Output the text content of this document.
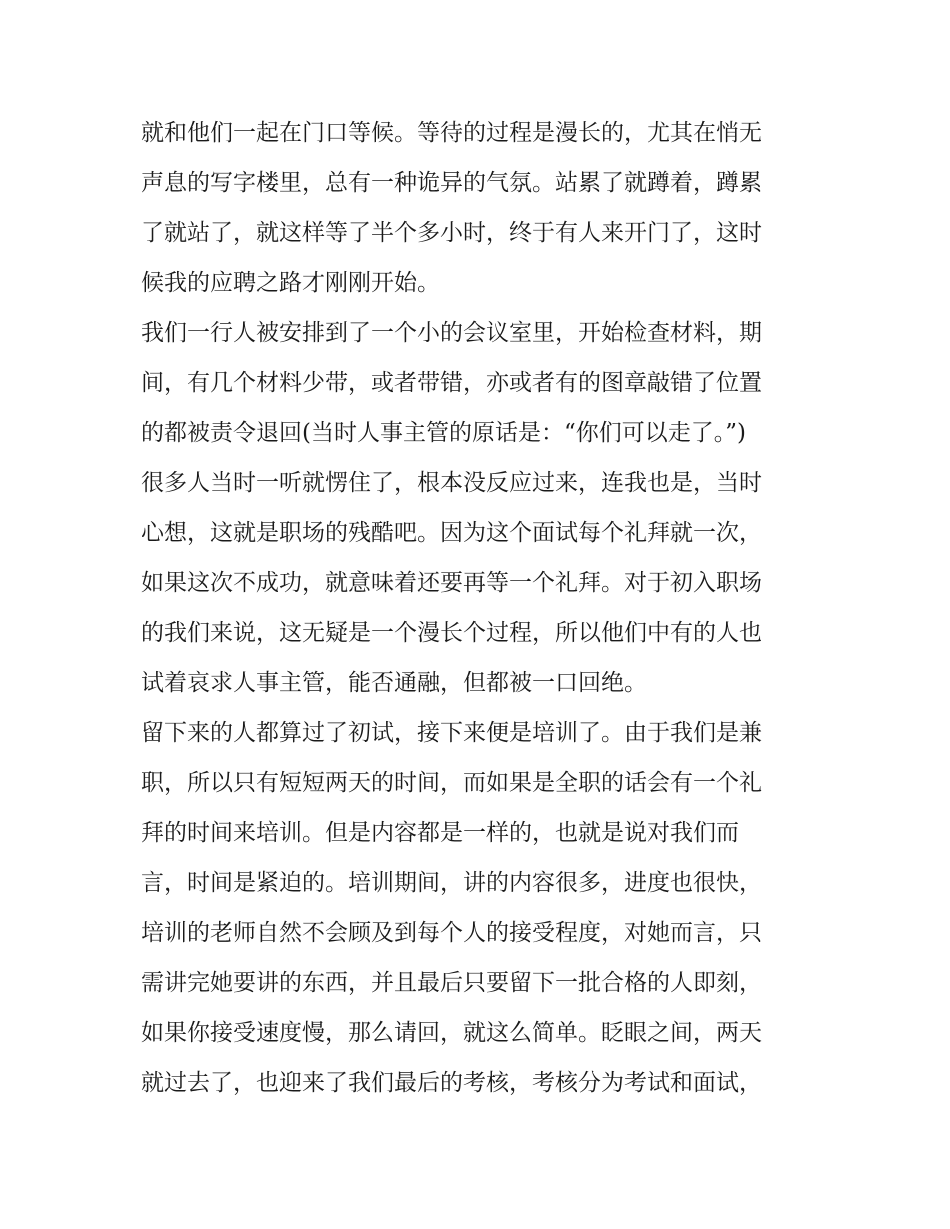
就和他们一起在门口等候。等待的过程是漫长的，尤其在悄无
声息的写字楼里，总有一种诡异的气氛。站累了就蹲着，蹲累
了就站了，就这样等了半个多小时，终于有人来开门了，这时
候我的应聘之路才刚刚开始。
我们一行人被安排到了一个小的会议室里，开始检查材料，期
间，有几个材料少带，或者带错，亦或者有的图章敲错了位置
的都被责令退回(当时人事主管的原话是：“你们可以走了。”)
很多人当时一听就愣住了，根本没反应过来，连我也是，当时
心想，这就是职场的残酷吧。因为这个面试每个礼拜就一次，
如果这次不成功，就意味着还要再等一个礼拜。对于初入职场
的我们来说，这无疑是一个漫长个过程，所以他们中有的人也
试着哀求人事主管，能否通融，但都被一口回绝。
留下来的人都算过了初试，接下来便是培训了。由于我们是兼
职，所以只有短短两天的时间，而如果是全职的话会有一个礼
拜的时间来培训。但是内容都是一样的，也就是说对我们而
言，时间是紧迫的。培训期间，讲的内容很多，进度也很快，
培训的老师自然不会顾及到每个人的接受程度，对她而言，只
需讲完她要讲的东西，并且最后只要留下一批合格的人即刻，
如果你接受速度慢，那么请回，就这么简单。眨眼之间，两天
就过去了，也迎来了我们最后的考核，考核分为考试和面试，
